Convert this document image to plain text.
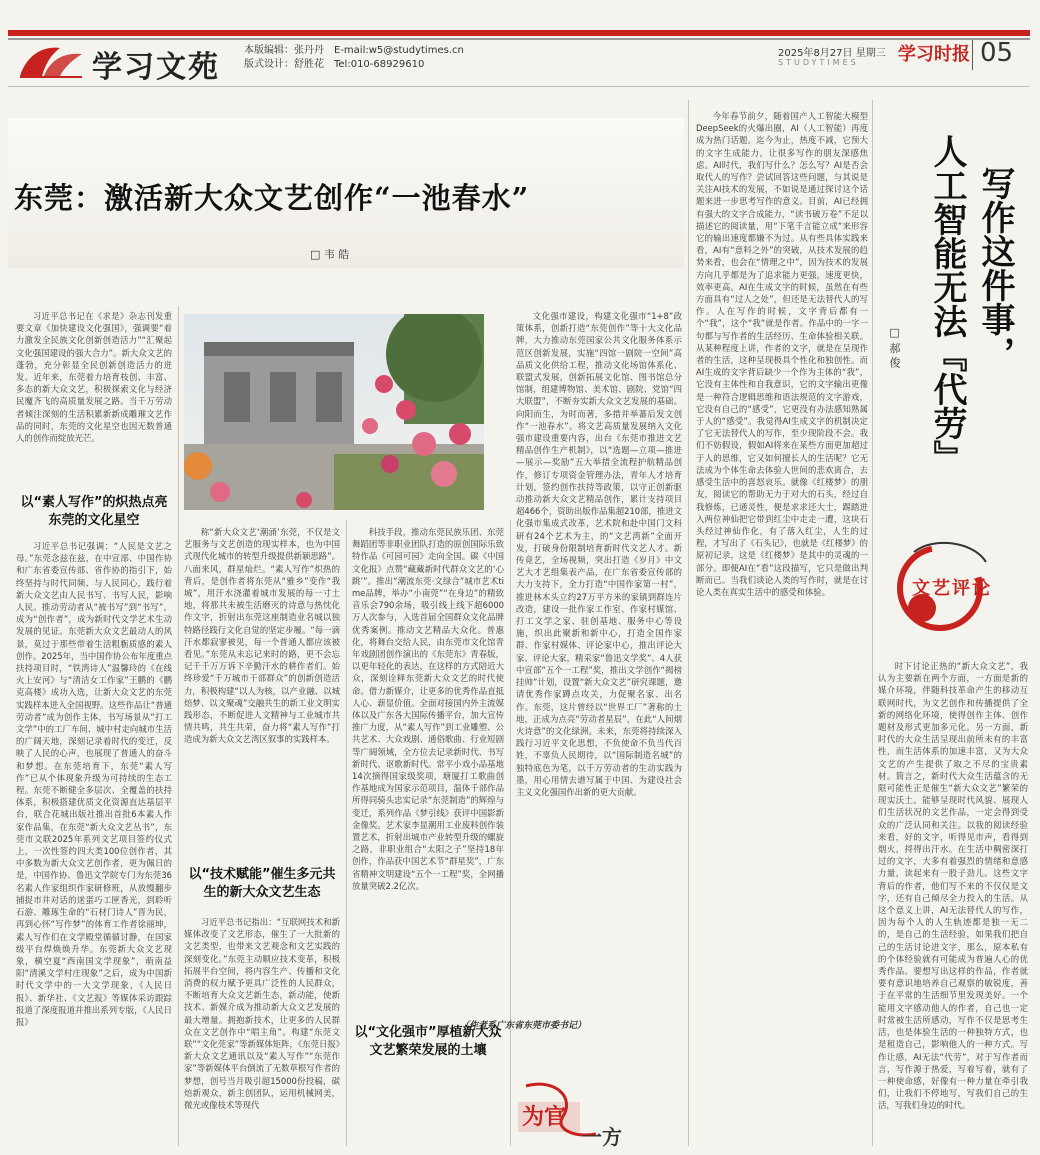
学习文苑 本版编辑：张丹丹
版式设计：舒胜花
E-mail:w5@studytimes.cn
Tel:010-68929610
2025年8月27日 星期三
STUDYTIMES 学习时报 05
东莞：激活新大众文艺创作“一池春水”
□ 韦 皓

习近平总书记在《求是》杂志刊发重要文章《加快建设文化强国》，强调要“着力激发全民族文化创新创造活力”“汇聚起文化强国建设的强大合力”。新大众文艺的蓬勃，充分彰显全民创新创造活力的迸发。近年来，东莞着力培育枝创、丰富、多态的新大众文艺，积极探索文化与经济民魔齐飞的高质量发展之路。当千万劳动者倾注深刻的生活积累新新成雕璀文艺作品的同时，东莞的文化星空也因无数普通人的创作而绽放光芒。

以“素人写作”的炽热点亮东莞的文化星空

习近平总书记强调：“人民是文艺之母。”东莞念兹在兹，在中宣部、中国作协和广东省委宣传部、省作协的指引下，始终坚持与时代同频、与人民同心，践行着新大众文艺由人民书写、书写人民，影响人民。推动劳动者从“被书写”到“书写”，成为“创作者”，成为新时代文学艺术生动发展的见证。东莞新大众文艺最动人的风景，莫过于那些带着生活粗粝质感的素人创作。2025年，当中国作协公布年度重点扶持项目时，“铁湾诗人”温馨玲的《在线火上安河》与“清洁女工作家”王鹏的《鹏克高楼》成功入选，让新大众文艺的东莞实践样本进入全国视野。这些作品让“普通劳动者”成为创作主体，书写场景从“打工文学”中的工厂车间、城中村走向城市生活的广阔天地，深刻记录着时代的变迁，反映了人民的心声，也展现了普通人的奋斗和梦想。在东莞培育下，东莞“素人写作”已从个体现象升级为可持续的生态工程。东莞不断健全多层次、全覆盖的扶持体系，积极搭建优质文化资源直达基层平台，联合花城出版社推出首批6本素人作家作品集，在东莞“新大众文艺丛书”，东莞市文联2025年系列文艺项目签约仪式上，一次性签约四大类100位创作者，其中多数为新大众文艺创作者，更为佩日的是，中国作协、鲁迅文学院专门为东莞36名素人作家组织作家研修班，从放慢翻步捕捉市井对话的迷蛋巧工匣香光，到聆听石游、雕琢生命的“石材门诗人”晋为民，再到心怀“写作梦”的体育工作者徐丽坤，素人写作们在文学殿堂循循讨静，在国家级平台焊焕焕升华。东莞新大众文艺现象，横空夏“西南国文学现象”，萌南益阳“清溪文学村庄现象”之后，成为中国新时代文学中的一大文学现象，《人民日报》、新华社、《文艺报》等媒体采访跟踪报道了深度报道并推出系列专版，《人民日报》

称“新大众文艺‘潮涌’东莞，不仅是文艺服务与文艺创造的现实样本，也为中国式现代化城市的转型升级提供新颖思路”。八面来风，群星灿烂。“素人写作”炽热的背后，是创作者将东莞从“雅乡”变作“我城”，用汗水浇灌着城市发展的每一寸土地，将那共未被生活磨灭的诗意与热忱化作文字，折射出东莞这座制造业名城以独特路径践行文化自觉的坚定步履。“每一滴汗水都寂寥被见，每一个普通人都应该被看见。”东莞从未忘记来时的路，更不会忘记千千万万诉下辛勤汗水的耕作者们。始终珍爱“千万城市干部群众”的创新创造活力，积极构建“以人为核，以产业融、以城焙梦、以文聚魂”交融共生的新工业文明实践形态，不断促进人文精神与工业城市共情共鸣，共生共荣，奋力将“素人写作”打造成为新大众文艺湾区叙事的实践样本。

以“技术赋能”催生多元共生的新大众文艺生态

习近平总书记指出：“互联网技术和新媒体改变了文艺形态，催生了一大批新的文艺类型，也带来文艺观念和文艺实践的深刻变化。”东莞主动顺应技术变革，积极拓展平台空间，将内容生产、传播和文化消费的权力赋予更具广泛性的人民群众，不断培育大众文艺新生态，新动能，使新技术、新媒介成为推动新大众文艺发展的最大增量。拥抱新技术，让更多的人民群众在文艺创作中“唱主角”。构建“东莞文联”“文化莞家”等新媒体矩阵，《东莞日报》新大众文艺通讯以及“素人写作”“东莞作家”等新媒体平台倒流了无数草根写作者的梦想，创号当月吸引超15000份投稿，碳焙新观众，新主创团队，运用机械网美，微光或像枝术等现代

科技手段，推动东莞民族乐团、东莞舞蹈团等非职业团队打造的原创国际乐致特作品《可园可园》走向全国。碳《中国文化报》点赞“藏藏新时代群众文艺的‘心跳’”。推出“潮流东莞·文绿合”城市艺术time品牌，举办“小南莞”“在身边”的精致音乐会790余场，吸引线上线下超6000万人次参与，入选首届全国群众文化品牌优秀案例。推动文艺精品大众化。普惠化，将舞台交给人民，由东莞市文化馆青年戏剧团创作演出的《东莞东》青春版，以更年轻化的表达，在这样的方式陪近大众，深刻诠释东莞新大众文艺的时代使命。借力新媒介，让更多的优秀作品直抵人心、薪显价值。全面对接国内外主流媒体以及广东各大国际传播平台，加大宣传推广力度，从“素人写作”到工业雕塑、公共艺术、大众戏剧、通俗歌曲、行业短剧等广阔领域，全方位去记录新时代、书写新时代、讴歌新时代。常平小戏小品基地14次摘得国家级奖项，塘厦打工歌曲创作基地成为国家示范项目，温体千部作品所得同骑头忠实记录“东莞制造”的辉煌与变迁，系列作品《梦引线》获评中国影新金像奖。艺术家李显潮用工业废料创作装置艺术，折射出城市产业转型升级的螺旋之路，非职业组合“太阳之子”坚持18年创作，作品获中国艺术节“群星奖”，广东省精神文明建设“五个一工程”奖，全网播放量突破2.2亿次。

文化强市建设，构建文化强市“1+8”政策体系，创新打造“东莞创作”等十大文化品牌，大力推动东莞国家公共文化服务体系示范区创新发展，实施“四馆一剧院一空间”高品质文化供给工程，推动文化场馆体系化、联盟式发展，创新拓展文化馆、图书馆总分馆制，组建博物馆、美术馆、剧院、党馆“四大联盟”，不断夯实新大众文艺发展的基础。向阳而生，为时而著，多措并举蕃后发文创作“一池春水”。将文艺高质量发展纳入文化强市建设重要内容，出台《东莞市推进文艺精品创作生产机制》，以“选题—立项—推进—展示—奖励”五大举措全流程护航精品创作，修订专项资金管理办法，青年人才培育计划，签约创作扶持等政策，以守正创新驱动推动新大众文艺精品创作，累计支持项目超466个，资助出版作品集超210部，推进文化强市集成式改革，艺术院和赴中国门文科研有24个艺术为主，的“文艺湾新”全面开发，打破身份限制培育新时代文艺人才。新传竟艺，全场视频，突出打造《岁月》中文艺大才艺组集表产品，在广东省委宣传部的大力支持下，全力打造“中国作家第一村”，推进林木头立约27万平方米的家镇到群连片改造，建设一批作家工作室、作家村媒馆、打工文学之家、驻创基地、服务中心等设施，织出此聚新和新中心，打造全国作家群、作家村媒体、评论家中心，推出评论大家、评论大家，精采家“鲁迅文学奖”、4人获中宣部“五个一工程”奖，推出文学创作“揭榜挂帅”计划，设置“新大众文艺”研究课题，邀请优秀作家蹲点攻关，力促聚名家、出名作。东莞，这片曾经以“世界工厂”著称的土地，正成为点亮“劳动者星辰”，在此“人间烟火诗意”的文化绿洲。未来，东莞将持续深入践行习近平文化思想，不负使命不负当代百姓，不辜负人民期待，以“国际制造名城”的独特底色为笔，以千万劳动者的生动实践为墨，用心用情去谱写属于中国、为建设社会主义文化强国作出新的更大贡献。

（作者系广东省东莞市委书记）
以“文化强市”厚植新大众文艺繁荣发展的土壤
为官
一方
写作这件事，
人工智能无法『代劳』
□ 郝 俊
文艺评论

今年春节前夕，随着国产人工智能大模型DeepSeek的火爆出圈，AI（人工智能）再度成为热门话题。迄今为止，热度不减，它预大的文字生成能力，让很多写作的朋友深感焦虑。AI时代，我们写什么？怎么写？AI是否会取代人的写作？尝试回答这些问题，与其说是关注AI技术的发展，不如说是通过探讨这个话题来进一步思考写作的意义。目前，AI已经拥有强大的文字合成能力，“读书破万卷”不足以描述它的阅读量，用“下笔千言能立成”来形容它的输出速度都嫌不为过。从有些具体实践来看，AI有“意料之外”的突破，从技术发展的趋势来看，也会在“情理之中”，因为技术的发展方向几乎都是为了追求能力更强，速度更快，效率更高。AI在生成文字的时候，虽然在有些方面具有“过人之处”，但还是无法替代人的写作。人在写作的时候，文字背后都有一个“我”，这个“我”就是作者。作品中的一字一句都与写作者的生活经历、生命体验相关联。从某种程度上讲，作者的文字，就是在呈现作者的生活，这种呈现极具个性化和独创性。而AI生成的文字背后缺少一个作为主体的“我”，它没有主体性和自我意识，它的文字输出更像是一种符合逻辑思维和语法规范的文字游戏，它没有自己的“感受”，它更没有办法感知熟属于人的“感受”。我觉得AI生成文字的机制决定了它无法替代人的写作，至少现阶段不会。我们不妨假设，假如AI将来在某些方面更加超过于人的思维，它又如何擅长人的生活呢？它无法成为个体生命去体验人世间的悲欢离合，去感受生活中的喜怒哀乐。就像《红楼梦》的朋友，阅读它的帮助无力于对大的石头，经过自我修炼，已通灵性，便是求求还大士，踢踏进入两位神仙把它带到红尘中走走一遭，这块石头经过神仙作化，有了落入红尘，人生的过程，才写出了《石头记》，也就是《红楼梦》的原初记录，这是《红楼梦》是其中的灵魂的一部分。即便AI在“看”这段描写，它只是做出判断而已。当我们谈论人类的写作时，就是在讨论人类在真实生活中的感受和体验。

时下讨论正热的“新大众文艺”，我认为主要新在两个方面，一方面是新的媒介环境，伴随科技革命产生的移动互联网时代，为文艺创作和传播提供了全新的网络化环境，使得创作主体、创作题材及形式更加多元化。另一方面，新时代的大众生活呈现出前所未有的丰富性，而生活体系的加速丰富，又为大众文艺的产生提供了取之不尽的宝贵素材。简言之，新时代大众生活蕴含的无限可能性正是催生“新大众文艺”繁荣的现实沃土。能够呈现时代风貌、展现人们生活状况的文艺作品，一定会得到受众的广泛认同和关注。以我的阅读经验来看，好的文字，听得见市声，看得到烟火，捋得出汗水。在生活中稠密深打过的文字，大多有着强烈的情绪和意感力量，读起来有一股子劲儿。这些文字背后的作者，他们写不来的不仅仅是文字，还有自己倾尽全力投入的生活。从这个意义上讲，AI无法替代人的写作，因为每个人的人生轨迹都是独一无二的，是自己的生活经验，如果我们把自己的生活讨论进文字，那么，原本私有的个体经验就有可能成为普遍人心的优秀作品。要想写出这样的作品，作者就要有意识地培养自己观察的敏锐度，善于在平常的生活细节里发现美好。一个能用文字感动他人的作者，自己也一定时常被生活所感动，写作不仅是思考生活，也是体验生活的一种独特方式，也是租造自己，影响他人的一种方式。写作让感，AI无法“代劳”，对于写作者而言，写作源于热爱，写着写着，就有了一种使命感，好像有一种力量在牵引我们，让我们不停地写，写我们自己的生活，写我们身边的时代。
